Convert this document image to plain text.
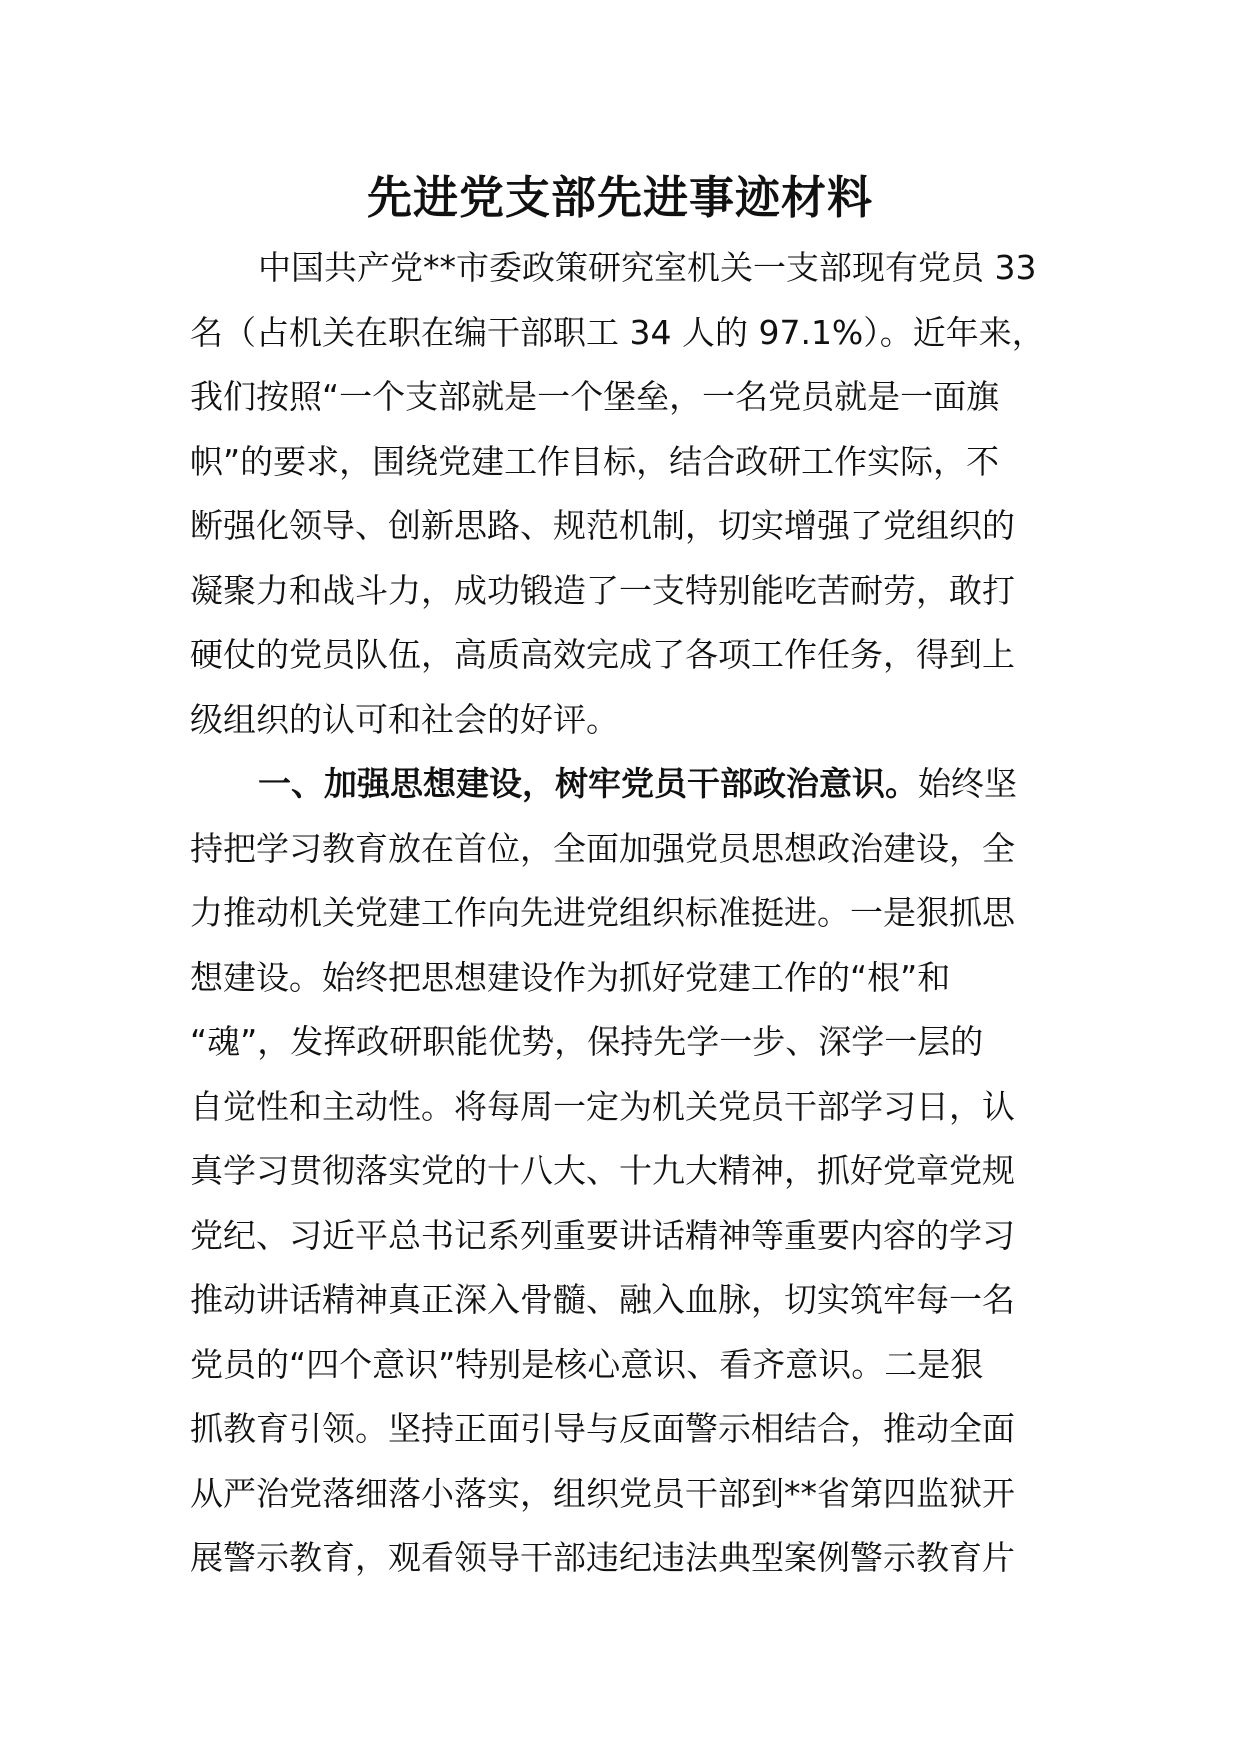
先进党支部先进事迹材料
中国共产党**市委政策研究室机关一支部现有党员 33
名（占机关在职在编干部职工 34 人的 97.1%）。近年来，
我们按照“一个支部就是一个堡垒，一名党员就是一面旗
帜”的要求，围绕党建工作目标，结合政研工作实际，不
断强化领导、创新思路、规范机制，切实增强了党组织的
凝聚力和战斗力，成功锻造了一支特别能吃苦耐劳，敢打
硬仗的党员队伍，高质高效完成了各项工作任务，得到上
级组织的认可和社会的好评。
一、加强思想建设，树牢党员干部政治意识。始终坚
持把学习教育放在首位，全面加强党员思想政治建设，全
力推动机关党建工作向先进党组织标准挺进。一是狠抓思
想建设。始终把思想建设作为抓好党建工作的“根”和
“魂”，发挥政研职能优势，保持先学一步、深学一层的
自觉性和主动性。将每周一定为机关党员干部学习日，认
真学习贯彻落实党的十八大、十九大精神，抓好党章党规
党纪、习近平总书记系列重要讲话精神等重要内容的学习
推动讲话精神真正深入骨髓、融入血脉，切实筑牢每一名
党员的“四个意识”特别是核心意识、看齐意识。二是狠
抓教育引领。坚持正面引导与反面警示相结合，推动全面
从严治党落细落小落实，组织党员干部到**省第四监狱开
展警示教育，观看领导干部违纪违法典型案例警示教育片
